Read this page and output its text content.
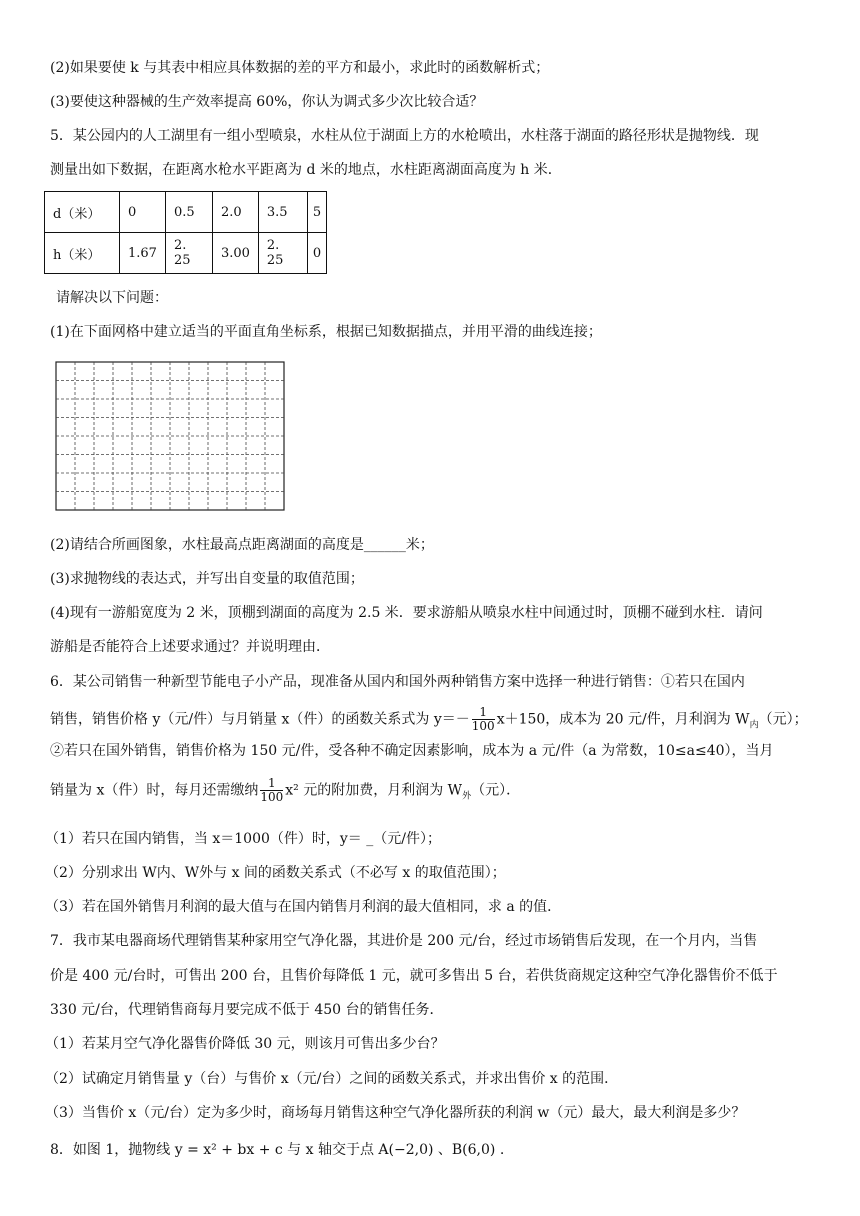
(2)如果要使 k 与其表中相应具体数据的差的平方和最小，求此时的函数解析式；
(3)要使这种器械的生产效率提高 60%，你认为调式多少次比较合适？
5．某公园内的人工湖里有一组小型喷泉，水柱从位于湖面上方的水枪喷出，水柱落于湖面的路径形状是抛物线．现
测量出如下数据，在距离水枪水平距离为 d 米的地点，水柱距离湖面高度为 h 米．
d（米）	0	0.5	2.0	3.5	5
h（米）	1.67	2. 25	3.00	2. 25	0
请解决以下问题：
(1)在下面网格中建立适当的平面直角坐标系，根据已知数据描点，并用平滑的曲线连接；
(2)请结合所画图象，水柱最高点距离湖面的高度是______米；
(3)求抛物线的表达式，并写出自变量的取值范围；
(4)现有一游船宽度为 2 米，顶棚到湖面的高度为 2.5 米．要求游船从喷泉水柱中间通过时，顶棚不碰到水柱．请问
游船是否能符合上述要求通过？并说明理由．
6．某公司销售一种新型节能电子小产品，现准备从国内和国外两种销售方案中选择一种进行销售：①若只在国内
销售，销售价格 y（元/件）与月销量 x（件）的函数关系式为 $y=- \frac{1}{100} x+150$，成本为 20 元/件，月利润为 $W_内$（元）；
②若只在国外销售，销售价格为 150 元/件，受各种不确定因素影响，成本为 a 元/件（a 为常数，10≤a≤40），当月
销量为 x（件）时，每月还需缴纳 $\frac{1}{100} x^2$ 元的附加费，月利润为 $W_外$（元）．
（1）若只在国内销售，当 x＝1000（件）时，y＝ _（元/件）；
（2）分别求出 W内、W外与 x 间的函数关系式（不必写 x 的取值范围）；
（3）若在国外销售月利润的最大值与在国内销售月利润的最大值相同，求 a 的值．
7．我市某电器商场代理销售某种家用空气净化器，其进价是 200 元/台，经过市场销售后发现，在一个月内，当售
价是 400 元/台时，可售出 200 台，且售价每降低 1 元，就可多售出 5 台，若供货商规定这种空气净化器售价不低于
330 元/台，代理销售商每月要完成不低于 450 台的销售任务．
（1）若某月空气净化器售价降低 30 元，则该月可售出多少台？
（2）试确定月销售量 y（台）与售价 x（元/台）之间的函数关系式，并求出售价 x 的范围．
（3）当售价 x（元/台）定为多少时，商场每月销售这种空气净化器所获的利润 w（元）最大，最大利润是多少？
8．如图 1，抛物线 y = x² + bx + c 与 x 轴交于点 A(−2,0) 、B(6,0) .
